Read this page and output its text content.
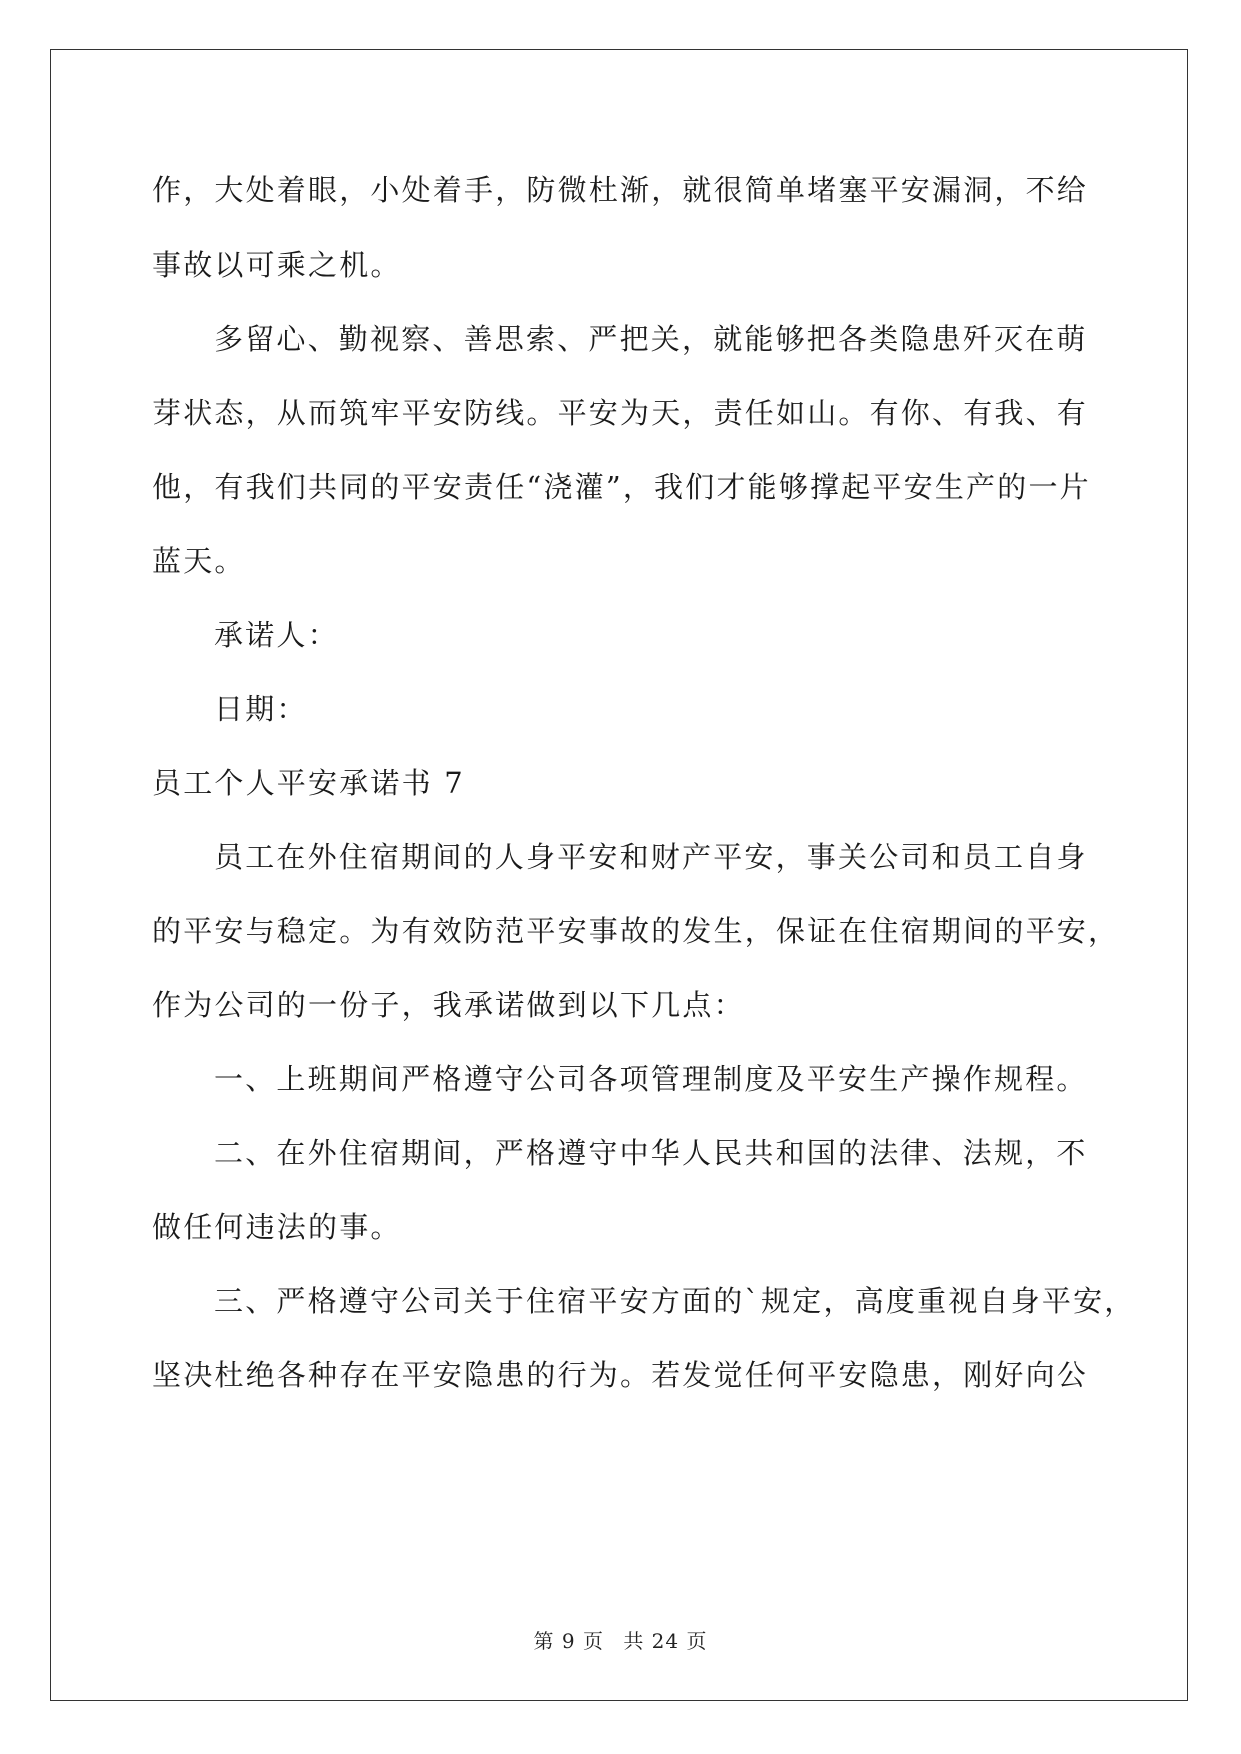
作，大处着眼，小处着手，防微杜渐，就很简单堵塞平安漏洞，不给
事故以可乘之机。
多留心、勤视察、善思索、严把关，就能够把各类隐患歼灭在萌
芽状态，从而筑牢平安防线。平安为天，责任如山。有你、有我、有
他，有我们共同的平安责任“浇灌”，我们才能够撑起平安生产的一片
蓝天。
承诺人：
日期：
员工个人平安承诺书 7
员工在外住宿期间的人身平安和财产平安，事关公司和员工自身
的平安与稳定。为有效防范平安事故的发生，保证在住宿期间的平安，
作为公司的一份子，我承诺做到以下几点：
一、上班期间严格遵守公司各项管理制度及平安生产操作规程。
二、在外住宿期间，严格遵守中华人民共和国的法律、法规，不
做任何违法的事。
三、严格遵守公司关于住宿平安方面的`规定，高度重视自身平安，
坚决杜绝各种存在平安隐患的行为。若发觉任何平安隐患，刚好向公
第 9 页 共 24 页
